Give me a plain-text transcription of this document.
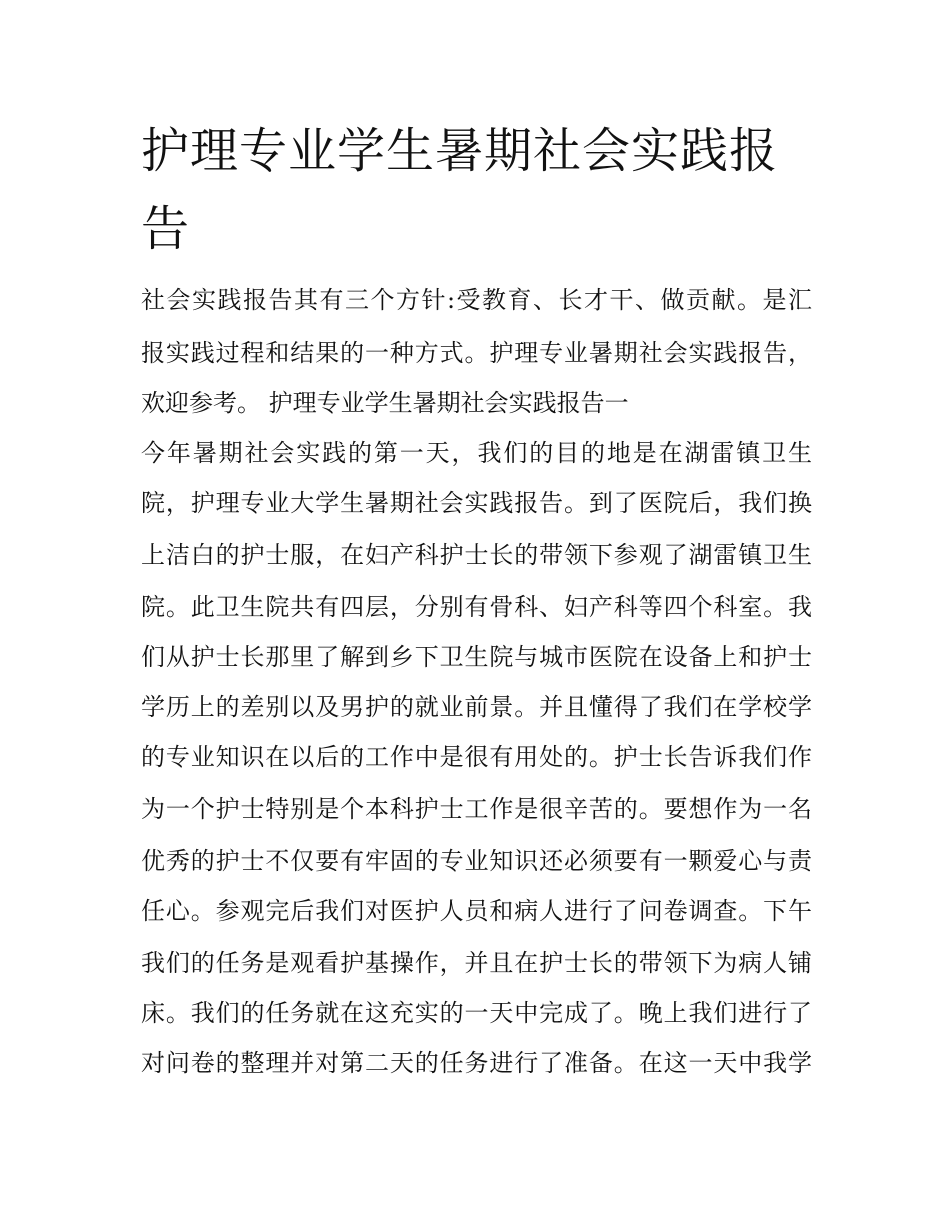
护理专业学生暑期社会实践报
告

社会实践报告其有三个方针:受教育、长才干、做贡献。是汇

报实践过程和结果的一种方式。护理专业暑期社会实践报告，

欢迎参考。 护理专业学生暑期社会实践报告一

今年暑期社会实践的第一天，我们的目的地是在湖雷镇卫生

院，护理专业大学生暑期社会实践报告。到了医院后，我们换

上洁白的护士服，在妇产科护士长的带领下参观了湖雷镇卫生

院。此卫生院共有四层，分别有骨科、妇产科等四个科室。我

们从护士长那里了解到乡下卫生院与城市医院在设备上和护士

学历上的差别以及男护的就业前景。并且懂得了我们在学校学

的专业知识在以后的工作中是很有用处的。护士长告诉我们作

为一个护士特别是个本科护士工作是很辛苦的。要想作为一名

优秀的护士不仅要有牢固的专业知识还必须要有一颗爱心与责

任心。参观完后我们对医护人员和病人进行了问卷调查。下午

我们的任务是观看护基操作，并且在护士长的带领下为病人铺

床。我们的任务就在这充实的一天中完成了。晚上我们进行了

对问卷的整理并对第二天的任务进行了准备。在这一天中我学
